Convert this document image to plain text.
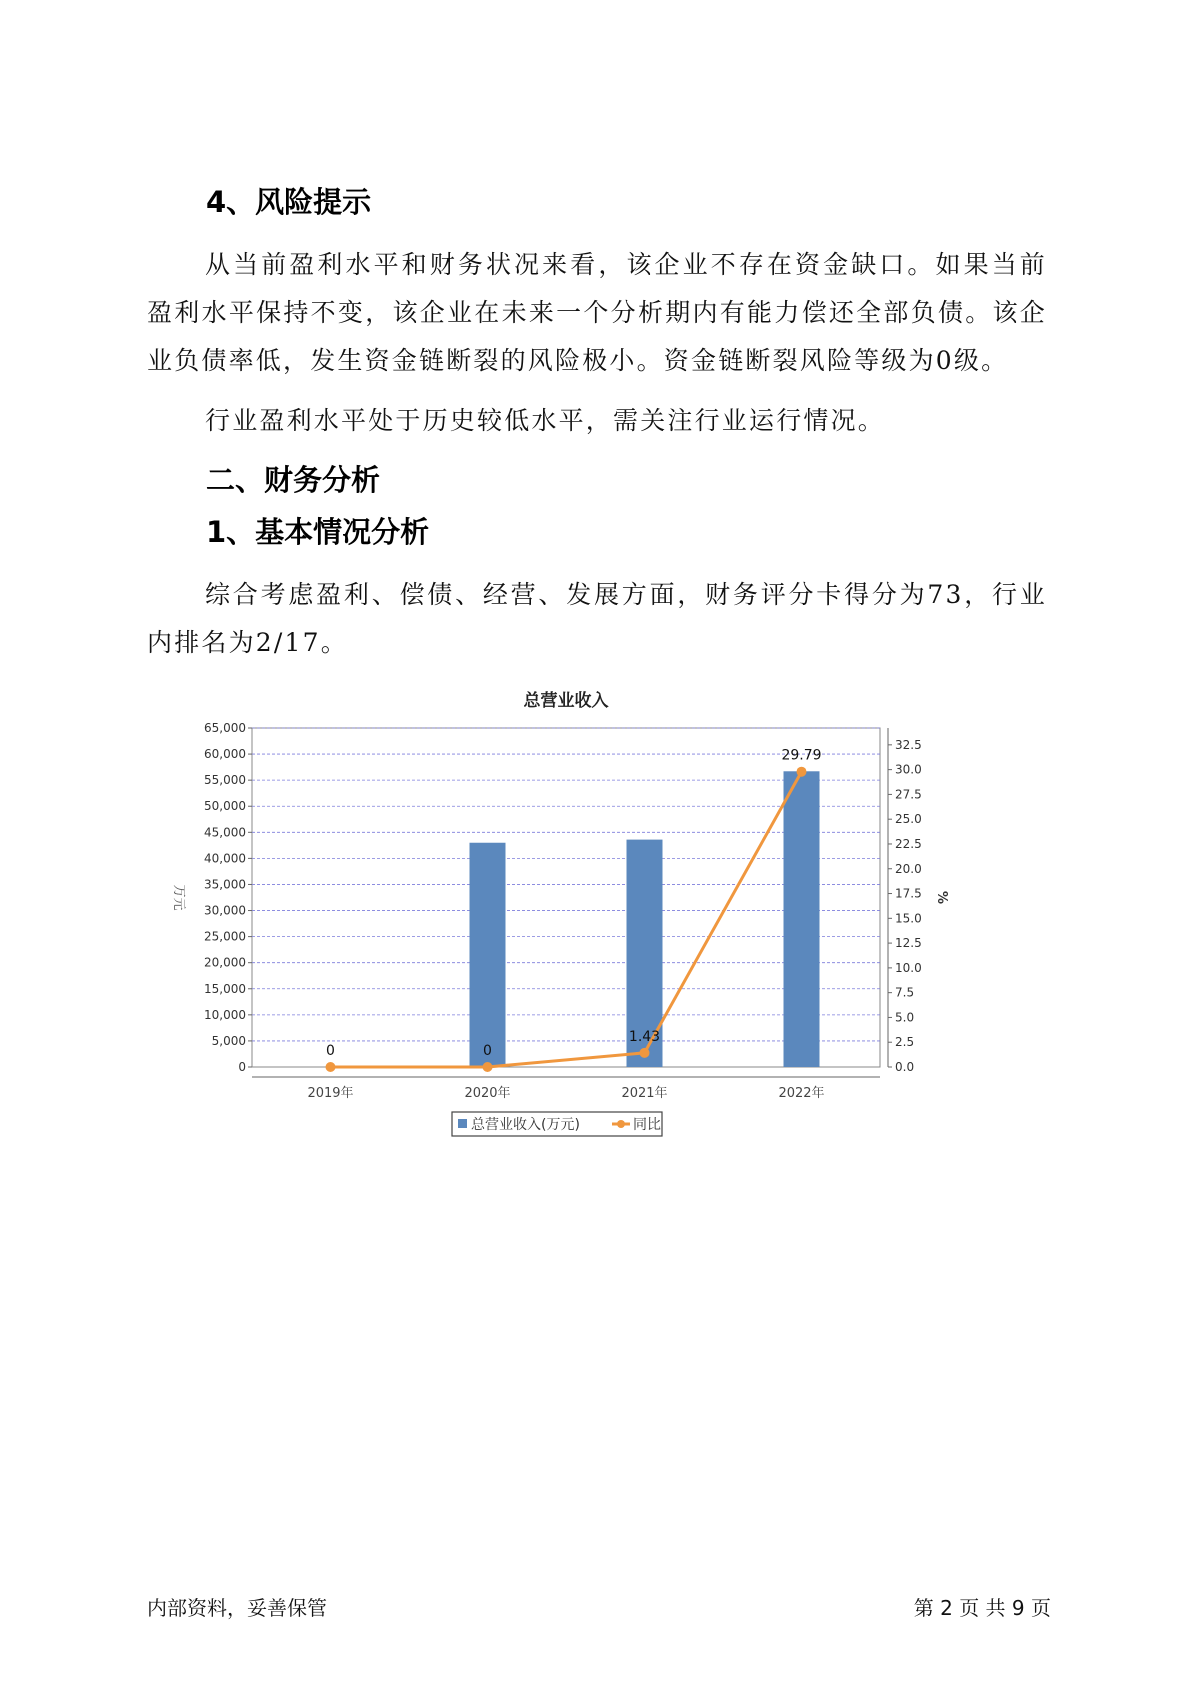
4、风险提示

从当前盈利水平和财务状况来看，该企业不存在资金缺口。如果当前盈利水平保持不变，该企业在未来一个分析期内有能力偿还全部负债。该企业负债率低，发生资金链断裂的风险极小。资金链断裂风险等级为0级。

行业盈利水平处于历史较低水平，需关注行业运行情况。

二、财务分析
1、基本情况分析

综合考虑盈利、偿债、经营、发展方面，财务评分卡得分为73，行业内排名为2/17。

总营业收入
0
5,000
10,000
15,000
20,000
25,000
30,000
35,000
40,000
45,000
50,000
55,000
60,000
65,000
0.0
2.5
5.0
7.5
10.0
12.5
15.0
17.5
20.0
22.5
25.0
27.5
30.0
32.5
万元	%
2019年	2020年	2021年	2022年
0	0
1.43
29.79
总营业收入(万元)	同比
内部资料，妥善保管	第 2 页 共 9 页
